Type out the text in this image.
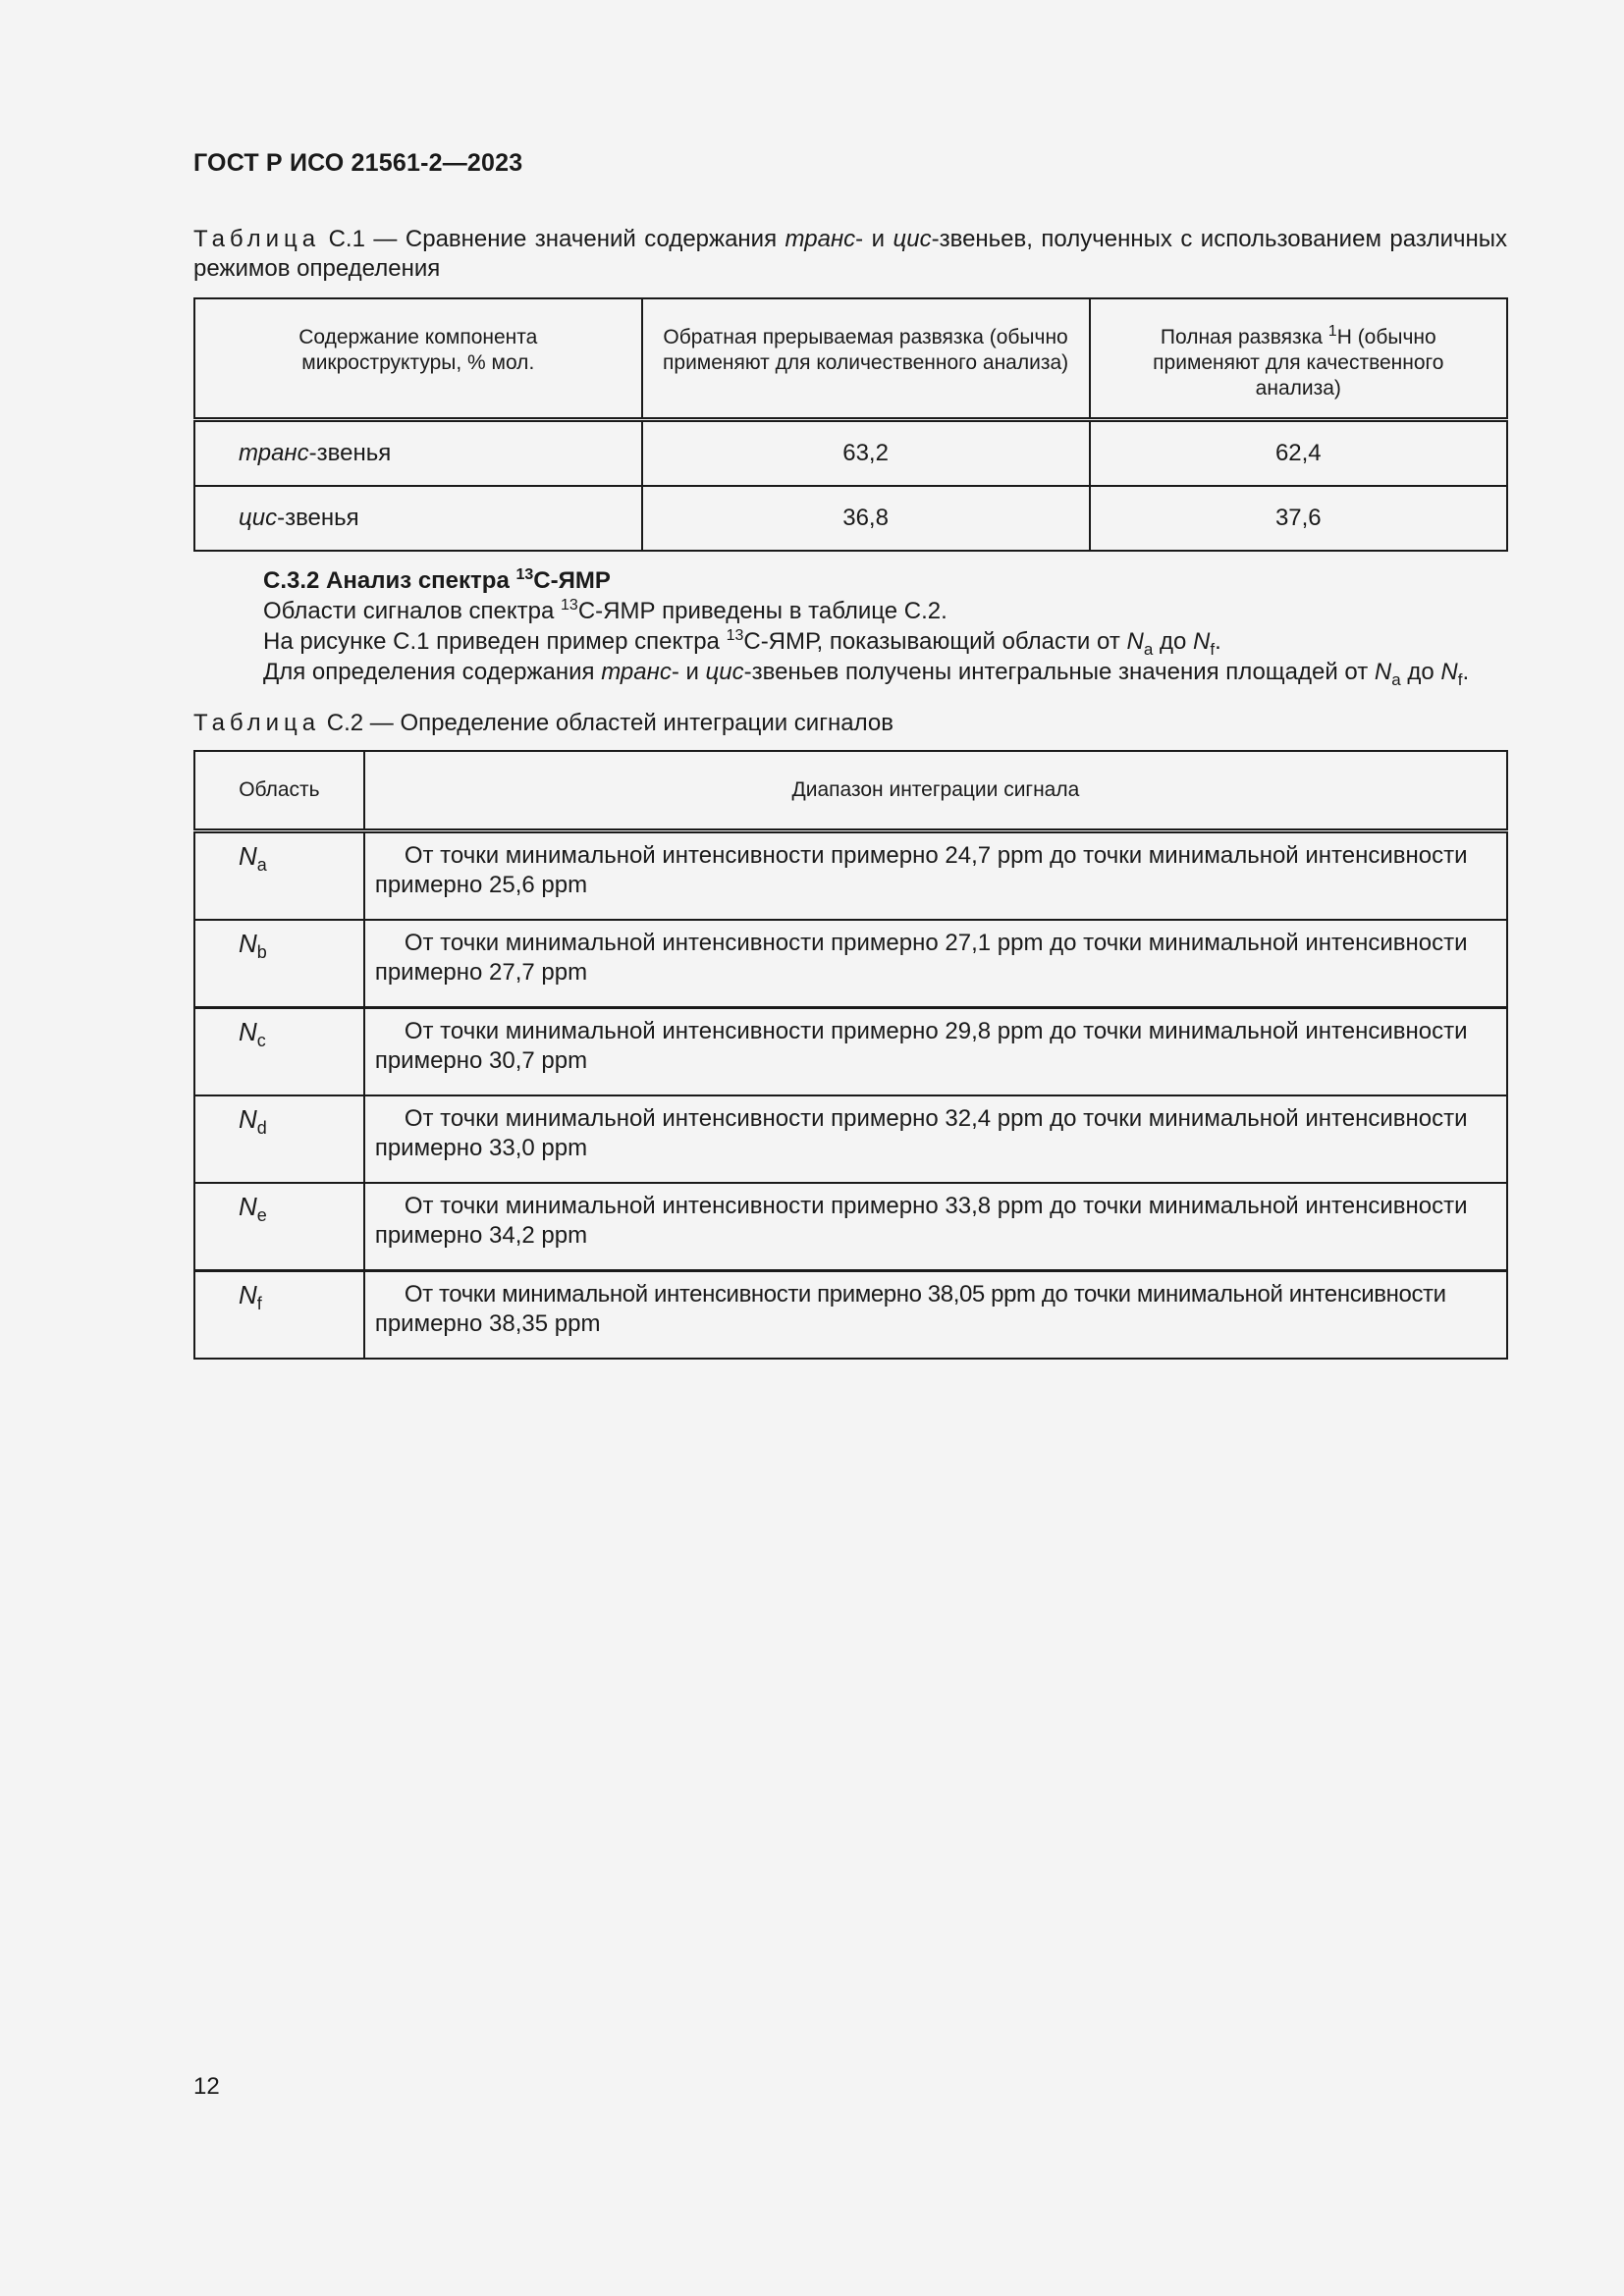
ГОСТ Р ИСО 21561-2—2023
Таблица С.1 — Сравнение значений содержания транс- и цис-звеньев, полученных с использованием различных режимов определения
Содержание компонента микроструктуры, % мол.	Обратная прерываемая развязка (обычно применяют для количественного анализа)	Полная развязка $^1$Н (обычно применяют для качественного анализа)

транс-звенья	63,2	62,4
цис-звенья	36,8	37,6
С.3.2 Анализ спектра $^{13}$С-ЯМР
Области сигналов спектра $^{13}$С-ЯМР приведены в таблице С.2.
На рисунке С.1 приведен пример спектра $^{13}$С-ЯМР, показывающий области от $N_a$ до $N_f$.
Для определения содержания транс- и цис-звеньев получены интегральные значения площадей от $N_a$ до $N_f$.
Таблица С.2 — Определение областей интеграции сигналов
Область	Диапазон интеграции сигнала
$N_a$	От точки минимальной интенсивности примерно 24,7 ppm до точки минимальной интенсивности
примерно 25,6 ppm

$N_b$	От точки минимальной интенсивности примерно 27,1 ppm до точки минимальной интенсивности
примерно 27,7 ppm

$N_c$	От точки минимальной интенсивности примерно 29,8 ppm до точки минимальной интенсивности
примерно 30,7 ppm

$N_d$	От точки минимальной интенсивности примерно 32,4 ppm до точки минимальной интенсивности
примерно 33,0 ppm

$N_e$	От точки минимальной интенсивности примерно 33,8 ppm до точки минимальной интенсивности
примерно 34,2 ppm

$N_f$	От точки минимальной интенсивности примерно 38,05 ppm до точки минимальной интенсивности
примерно 38,35 ppm
12
